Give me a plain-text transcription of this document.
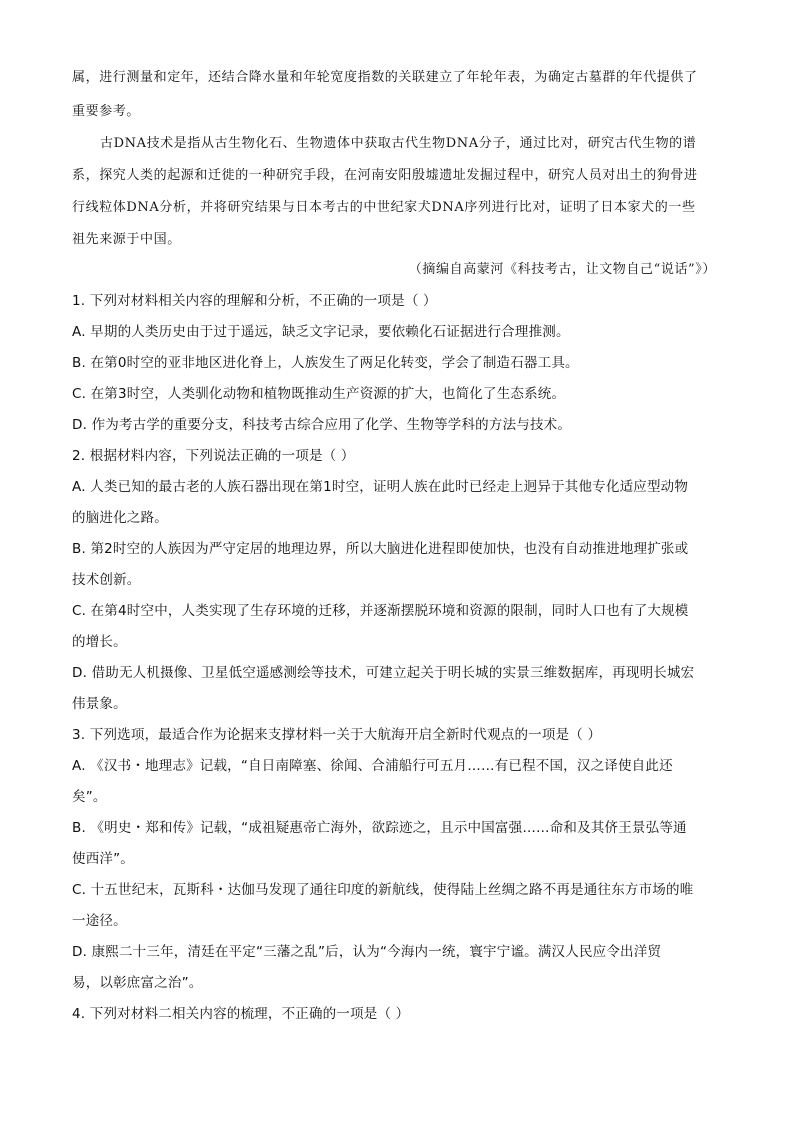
属，进行测量和定年，还结合降水量和年轮宽度指数的关联建立了年轮年表，为确定古墓群的年代提供了
重要参考。
古DNA技术是指从古生物化石、生物遗体中获取古代生物DNA分子，通过比对，研究古代生物的谱
系，探究人类的起源和迁徙的一种研究手段，在河南安阳殷墟遗址发掘过程中，研究人员对出土的狗骨进
行线粒体DNA分析，并将研究结果与日本考古的中世纪家犬DNA序列进行比对，证明了日本家犬的一些
祖先来源于中国。
（摘编自高蒙河《科技考古，让文物自己“说话”》）
1. 下列对材料相关内容的理解和分析，不正确的一项是（ ）
A. 早期的人类历史由于过于遥远，缺乏文字记录，要依赖化石证据进行合理推测。
B. 在第0时空的亚非地区进化脊上，人族发生了两足化转变，学会了制造石器工具。
C. 在第3时空，人类驯化动物和植物既推动生产资源的扩大，也简化了生态系统。
D. 作为考古学的重要分支，科技考古综合应用了化学、生物等学科的方法与技术。
2. 根据材料内容，下列说法正确的一项是（ ）
A. 人类已知的最古老的人族石器出现在第1时空，证明人族在此时已经走上迥异于其他专化适应型动物
的脑进化之路。
B. 第2时空的人族因为严守定居的地理边界，所以大脑进化进程即使加快，也没有自动推进地理扩张或
技术创新。
C. 在第4时空中，人类实现了生存环境的迁移，并逐渐摆脱环境和资源的限制，同时人口也有了大规模
的增长。
D. 借助无人机摄像、卫星低空遥感测绘等技术，可建立起关于明长城的实景三维数据库，再现明长城宏
伟景象。
3. 下列选项，最适合作为论据来支撑材料一关于大航海开启全新时代观点的一项是（ ）
A. 《汉书・地理志》记载，“自日南障塞、徐闻、合浦船行可五月……有已程不国，汉之译使自此还
矣”。
B. 《明史・郑和传》记载，“成祖疑惠帝亡海外，欲踪迹之，且示中国富强……命和及其侪王景弘等通
使西洋”。
C. 十五世纪末，瓦斯科・达伽马发现了通往印度的新航线，使得陆上丝绸之路不再是通往东方市场的唯
一途径。
D. 康熙二十三年，清廷在平定“三藩之乱”后，认为“今海内一统，寰宇宁谧。满汉人民应令出洋贸
易，以彰庶富之治”。
4. 下列对材料二相关内容的梳理，不正确的一项是（ ）
